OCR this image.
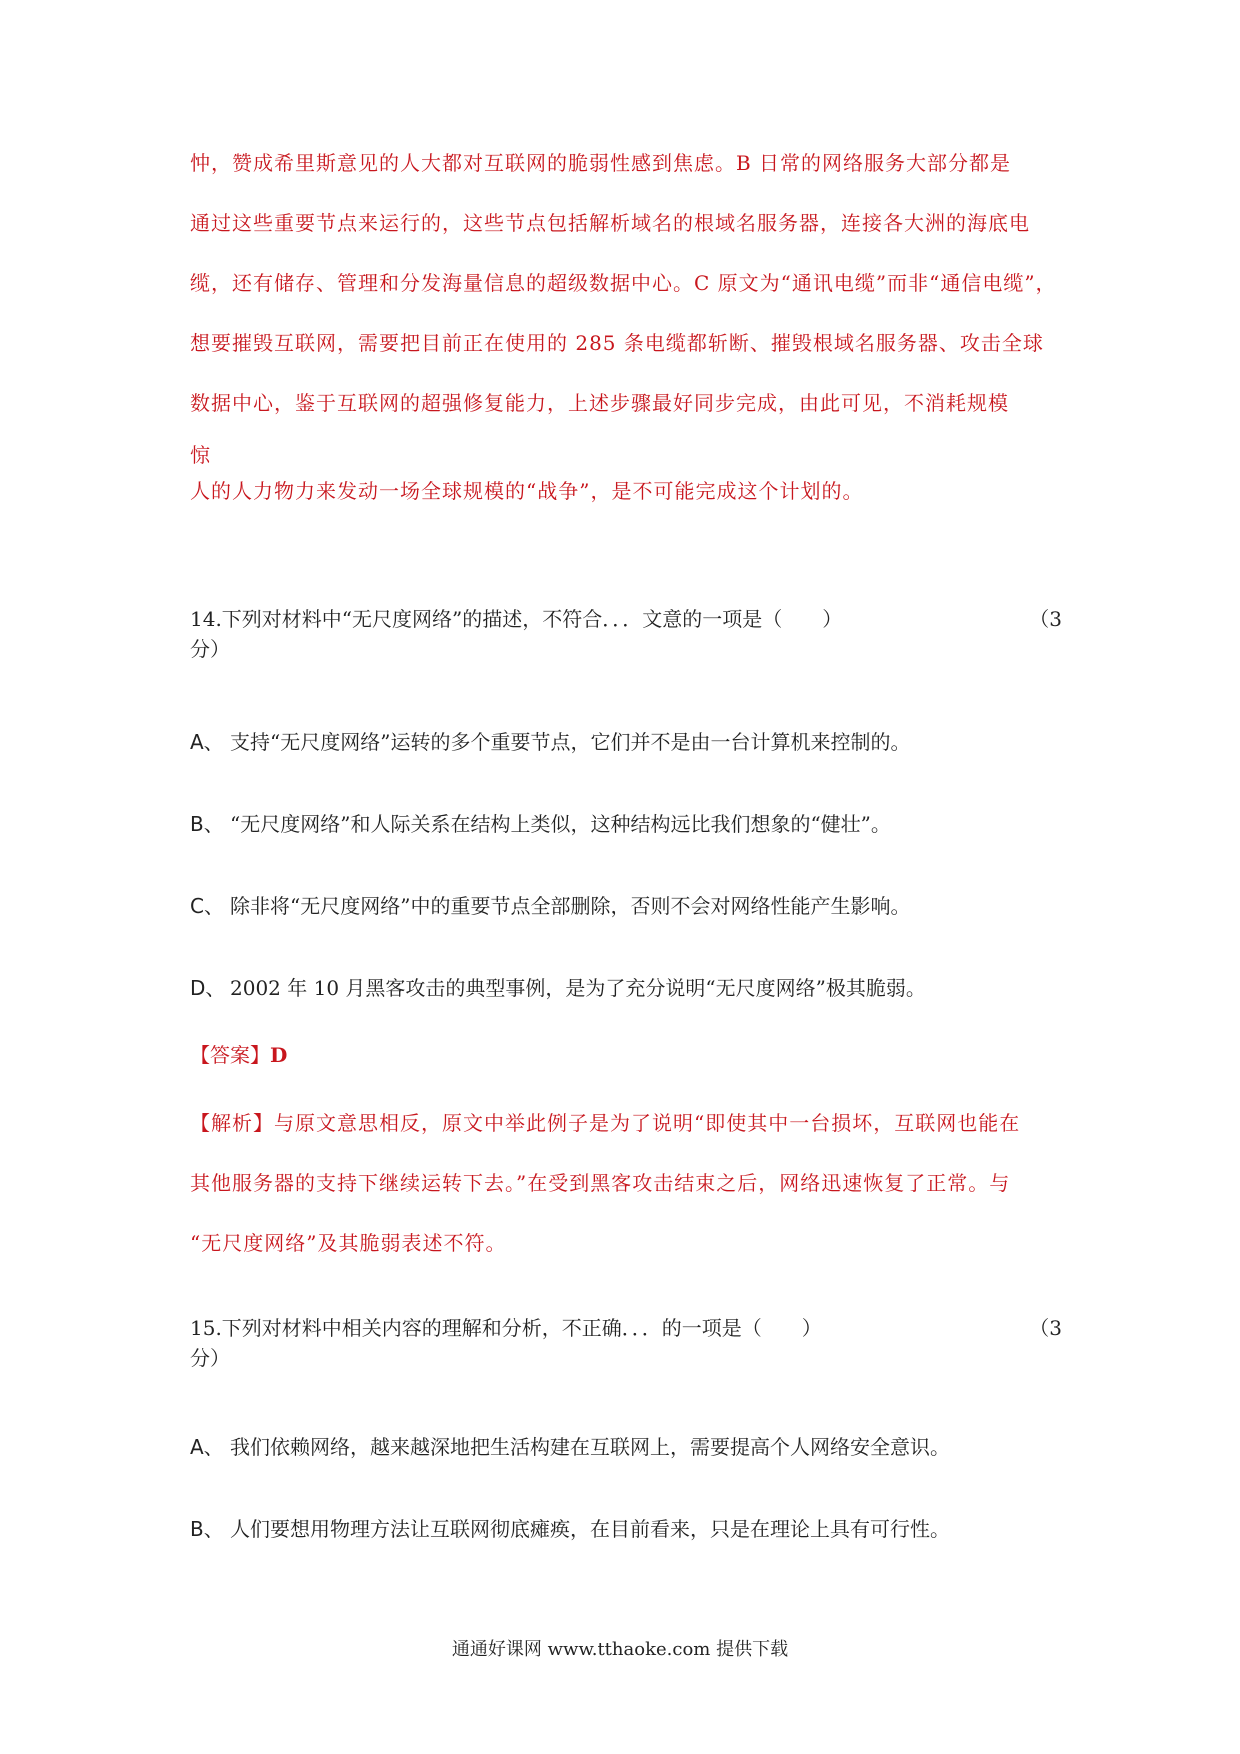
忡，赞成希里斯意见的人大都对互联网的脆弱性感到焦虑。B 日常的网络服务大部分都是

通过这些重要节点来运行的，这些节点包括解析域名的根域名服务器，连接各大洲的海底电

缆，还有储存、管理和分发海量信息的超级数据中心。C 原文为“通讯电缆”而非“通信电缆”，

想要摧毁互联网，需要把目前正在使用的 285 条电缆都斩断、摧毁根域名服务器、攻击全球

数据中心，鉴于互联网的超强修复能力，上述步骤最好同步完成，由此可见，不消耗规模

惊

人的人力物力来发动一场全球规模的“战争”，是不可能完成这个计划的。

14.下列对材料中“无尺度网络”的描述，不符合．．．文意的一项是（　　）	（3
分）
A、 支持“无尺度网络”运转的多个重要节点，它们并不是由一台计算机来控制的。
B、 “无尺度网络”和人际关系在结构上类似，这种结构远比我们想象的“健壮”。
C、 除非将“无尺度网络”中的重要节点全部删除，否则不会对网络性能产生影响。
D、 2002 年 10 月黑客攻击的典型事例，是为了充分说明“无尺度网络”极其脆弱。
【答案】D

【解析】与原文意思相反，原文中举此例子是为了说明“即使其中一台损坏，互联网也能在

其他服务器的支持下继续运转下去。”在受到黑客攻击结束之后，网络迅速恢复了正常。与

“无尺度网络”及其脆弱表述不符。

15.下列对材料中相关内容的理解和分析，不正确．．．的一项是（　　）	（3
分）
A、 我们依赖网络，越来越深地把生活构建在互联网上，需要提高个人网络安全意识。
B、 人们要想用物理方法让互联网彻底瘫痪，在目前看来，只是在理论上具有可行性。
通通好课网 www.tthaoke.com 提供下载
